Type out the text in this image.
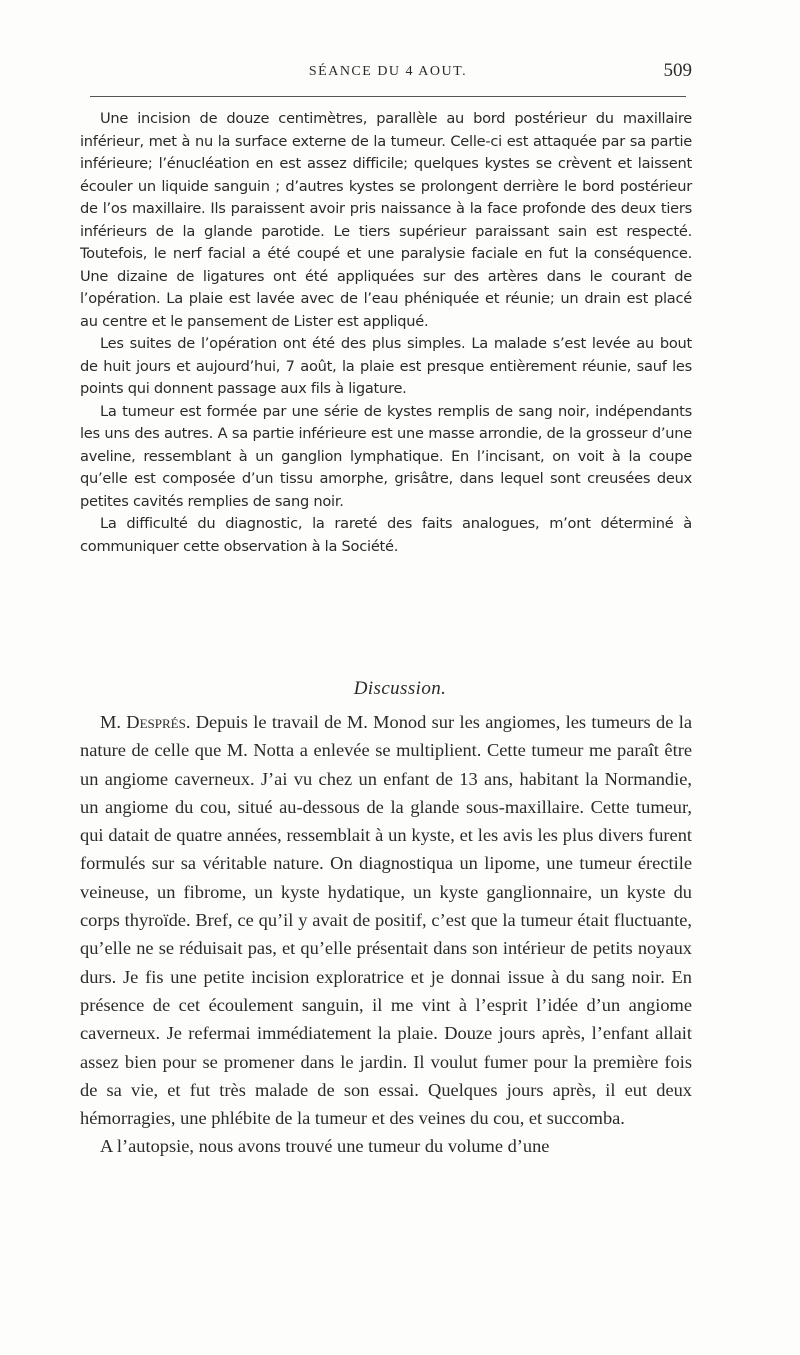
SÉANCE DU 4 AOUT.	509

Une incision de douze centimètres, parallèle au bord postérieur du maxillaire inférieur, met à nu la surface externe de la tumeur. Celle-ci est attaquée par sa partie inférieure; l’énucléation en est assez difficile; quelques kystes se crèvent et laissent écouler un liquide sanguin ; d’autres kystes se prolongent derrière le bord postérieur de l’os maxillaire. Ils paraissent avoir pris naissance à la face profonde des deux tiers inférieurs de la glande parotide. Le tiers supérieur paraissant sain est respecté. Toutefois, le nerf facial a été coupé et une paralysie faciale en fut la conséquence. Une dizaine de ligatures ont été appliquées sur des artères dans le courant de l’opération. La plaie est lavée avec de l’eau phéniquée et réunie; un drain est placé au centre et le pansement de Lister est appliqué.

Les suites de l’opération ont été des plus simples. La malade s’est levée au bout de huit jours et aujourd’hui, 7 août, la plaie est presque entièrement réunie, sauf les points qui donnent passage aux fils à ligature.

La tumeur est formée par une série de kystes remplis de sang noir, indépendants les uns des autres. A sa partie inférieure est une masse arrondie, de la grosseur d’une aveline, ressemblant à un ganglion lymphatique. En l’incisant, on voit à la coupe qu’elle est composée d’un tissu amorphe, grisâtre, dans lequel sont creusées deux petites cavités remplies de sang noir.

La difficulté du diagnostic, la rareté des faits analogues, m’ont déterminé à communiquer cette observation à la Société.

Discussion.

M. Després. Depuis le travail de M. Monod sur les angiomes, les tumeurs de la nature de celle que M. Notta a enlevée se multiplient. Cette tumeur me paraît être un angiome caverneux. J’ai vu chez un enfant de 13 ans, habitant la Normandie, un angiome du cou, situé au-dessous de la glande sous-maxillaire. Cette tumeur, qui datait de quatre années, ressemblait à un kyste, et les avis les plus divers furent formulés sur sa véritable nature. On diagnostiqua un lipome, une tumeur érectile veineuse, un fibrome, un kyste hydatique, un kyste ganglionnaire, un kyste du corps thyroïde. Bref, ce qu’il y avait de positif, c’est que la tumeur était fluctuante, qu’elle ne se réduisait pas, et qu’elle présentait dans son intérieur de petits noyaux durs. Je fis une petite incision exploratrice et je donnai issue à du sang noir. En présence de cet écoulement sanguin, il me vint à l’esprit l’idée d’un angiome caverneux. Je refermai immédiatement la plaie. Douze jours après, l’enfant allait assez bien pour se promener dans le jardin. Il voulut fumer pour la première fois de sa vie, et fut très malade de son essai. Quelques jours après, il eut deux hémorragies, une phlébite de la tumeur et des veines du cou, et succomba.

A l’autopsie, nous avons trouvé une tumeur du volume d’une
